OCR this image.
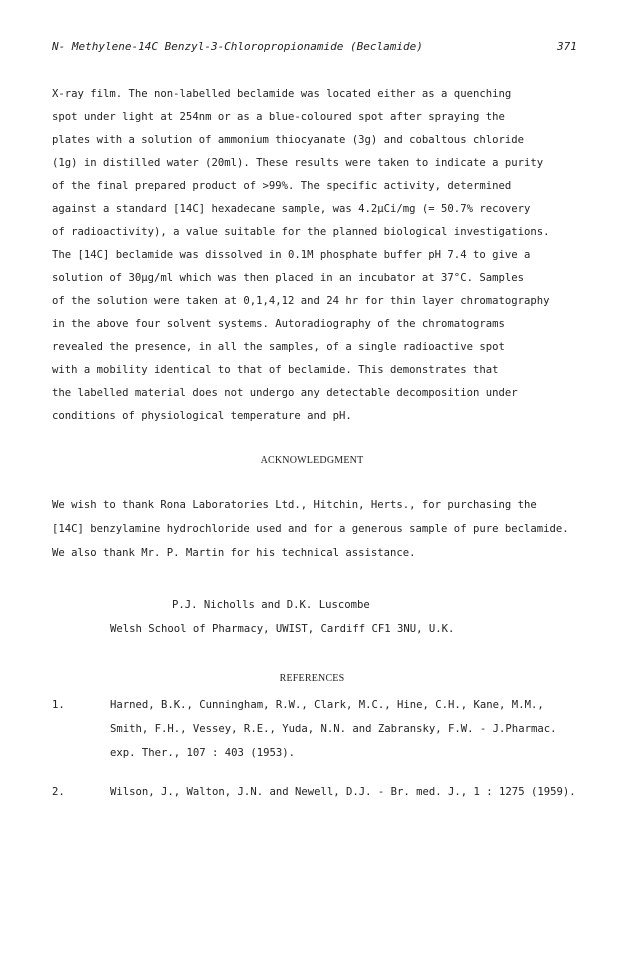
N- Methylene-14C Benzyl-3-Chloropropionamide (Beclamide)	371
X-ray film. The non-labelled beclamide was located either as a quenching
spot under light at 254nm or as a blue-coloured spot after spraying the
plates with a solution of ammonium thiocyanate (3g) and cobaltous chloride
(1g) in distilled water (20ml). These results were taken to indicate a purity
of the final prepared product of >99%. The specific activity, determined
against a standard [14C] hexadecane sample, was 4.2µCi/mg (= 50.7% recovery
of radioactivity), a value suitable for the planned biological investigations.
The [14C] beclamide was dissolved in 0.1M phosphate buffer pH 7.4 to give a
solution of 30µg/ml which was then placed in an incubator at 37°C. Samples
of the solution were taken at 0,1,4,12 and 24 hr for thin layer chromatography
in the above four solvent systems. Autoradiography of the chromatograms
revealed the presence, in all the samples, of a single radioactive spot
with a mobility identical to that of beclamide. This demonstrates that
the labelled material does not undergo any detectable decomposition under
conditions of physiological temperature and pH.
ACKNOWLEDGMENT
We wish to thank Rona Laboratories Ltd., Hitchin, Herts., for purchasing the
[14C] benzylamine hydrochloride used and for a generous sample of pure beclamide.
We also thank Mr. P. Martin for his technical assistance.
P.J. Nicholls and D.K. Luscombe
Welsh School of Pharmacy, UWIST, Cardiff CF1 3NU, U.K.
REFERENCES
1.	Harned, B.K., Cunningham, R.W., Clark, M.C., Hine, C.H., Kane, M.M.,
Smith, F.H., Vessey, R.E., Yuda, N.N. and Zabransky, F.W. - J.Pharmac.
exp. Ther., 107 : 403 (1953).
2.	Wilson, J., Walton, J.N. and Newell, D.J. - Br. med. J., 1 : 1275 (1959).
